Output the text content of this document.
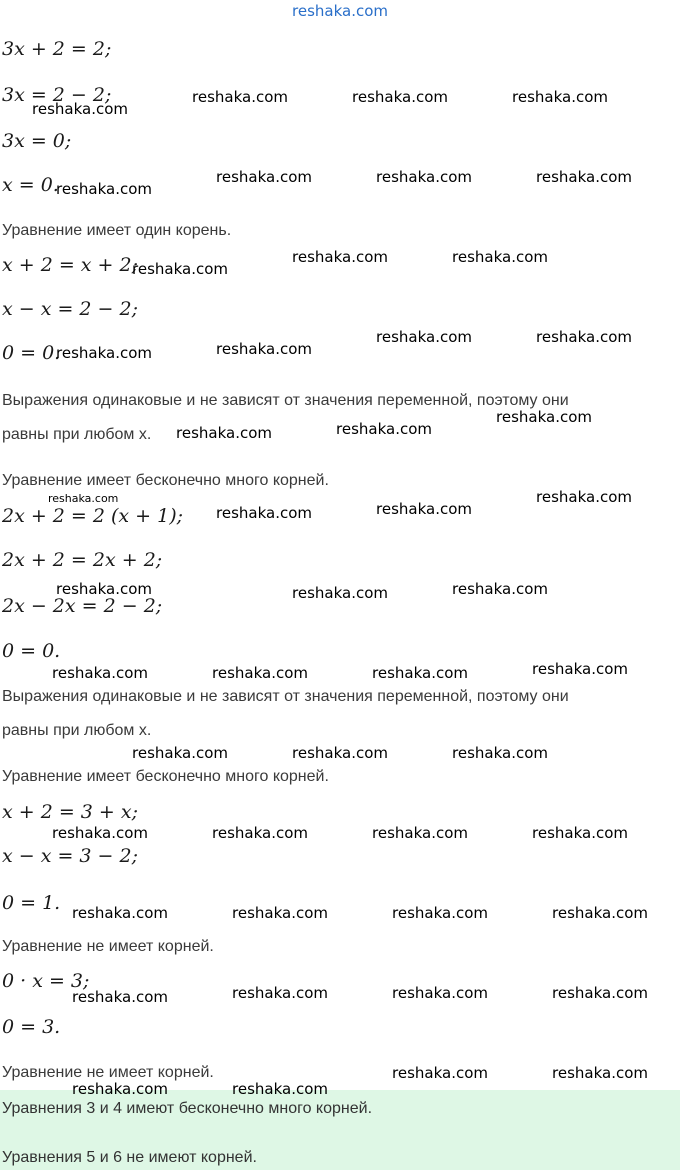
reshaka.com
3x + 2 = 2;
3x = 2 − 2;
3x = 0;
x = 0.
Уравнение имеет один корень.
x + 2 = x + 2;
x − x = 2 − 2;
0 = 0.
Выражения одинаковые и не зависят от значения переменной, поэтому они
равны при любом x.
Уравнение имеет бесконечно много корней.
2x + 2 = 2 (x + 1);
2x + 2 = 2x + 2;
2x − 2x = 2 − 2;
0 = 0.
Выражения одинаковые и не зависят от значения переменной, поэтому они
равны при любом x.
Уравнение имеет бесконечно много корней.
x + 2 = 3 + x;
x − x = 3 − 2;
0 = 1.
Уравнение не имеет корней.
0 · x = 3;
0 = 3.
Уравнение не имеет корней.
Уравнения 3 и 4 имеют бесконечно много корней.
Уравнения 5 и 6 не имеют корней.
reshaka.com
reshaka.com	reshaka.com	reshaka.com
reshaka.com
reshaka.com	reshaka.com	reshaka.com
reshaka.com
reshaka.com	reshaka.com
reshaka.com	reshaka.com
reshaka.com	reshaka.com
reshaka.com	reshaka.com
reshaka.com
reshaka.com
reshaka.com	reshaka.com
reshaka.com
reshaka.com	reshaka.com	reshaka.com
reshaka.com	reshaka.com	reshaka.com	reshaka.com
reshaka.com	reshaka.com	reshaka.com
reshaka.com	reshaka.com	reshaka.com	reshaka.com
reshaka.com	reshaka.com	reshaka.com	reshaka.com
reshaka.com	reshaka.com	reshaka.com	reshaka.com
reshaka.com	reshaka.com
reshaka.com	reshaka.com
